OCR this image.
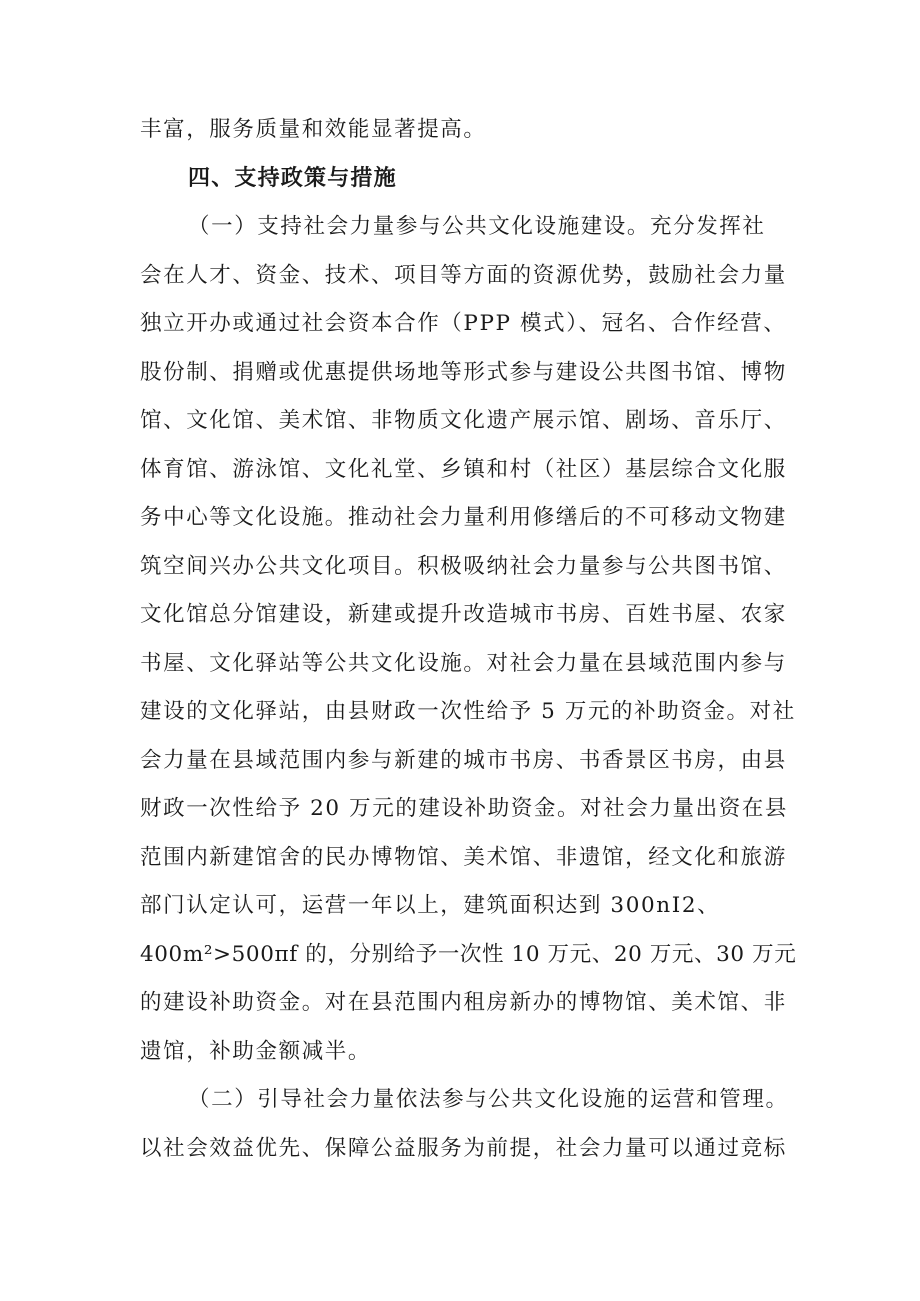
丰富，服务质量和效能显著提高。
四、支持政策与措施
（一）支持社会力量参与公共文化设施建设。充分发挥社
会在人才、资金、技术、项目等方面的资源优势，鼓励社会力量
独立开办或通过社会资本合作（PPP 模式）、冠名、合作经营、
股份制、捐赠或优惠提供场地等形式参与建设公共图书馆、博物
馆、文化馆、美术馆、非物质文化遗产展示馆、剧场、音乐厅、
体育馆、游泳馆、文化礼堂、乡镇和村（社区）基层综合文化服
务中心等文化设施。推动社会力量利用修缮后的不可移动文物建
筑空间兴办公共文化项目。积极吸纳社会力量参与公共图书馆、
文化馆总分馆建设，新建或提升改造城市书房、百姓书屋、农家
书屋、文化驿站等公共文化设施。对社会力量在县域范围内参与
建设的文化驿站，由县财政一次性给予 5 万元的补助资金。对社
会力量在县域范围内参与新建的城市书房、书香景区书房，由县
财政一次性给予 20 万元的建设补助资金。对社会力量出资在县
范围内新建馆舍的民办博物馆、美术馆、非遗馆，经文化和旅游
部门认定认可，运营一年以上，建筑面积达到 300nI2、
400m²>500πf 的，分别给予一次性 10 万元、20 万元、30 万元
的建设补助资金。对在县范围内租房新办的博物馆、美术馆、非
遗馆，补助金额减半。
（二）引导社会力量依法参与公共文化设施的运营和管理。
以社会效益优先、保障公益服务为前提，社会力量可以通过竞标
